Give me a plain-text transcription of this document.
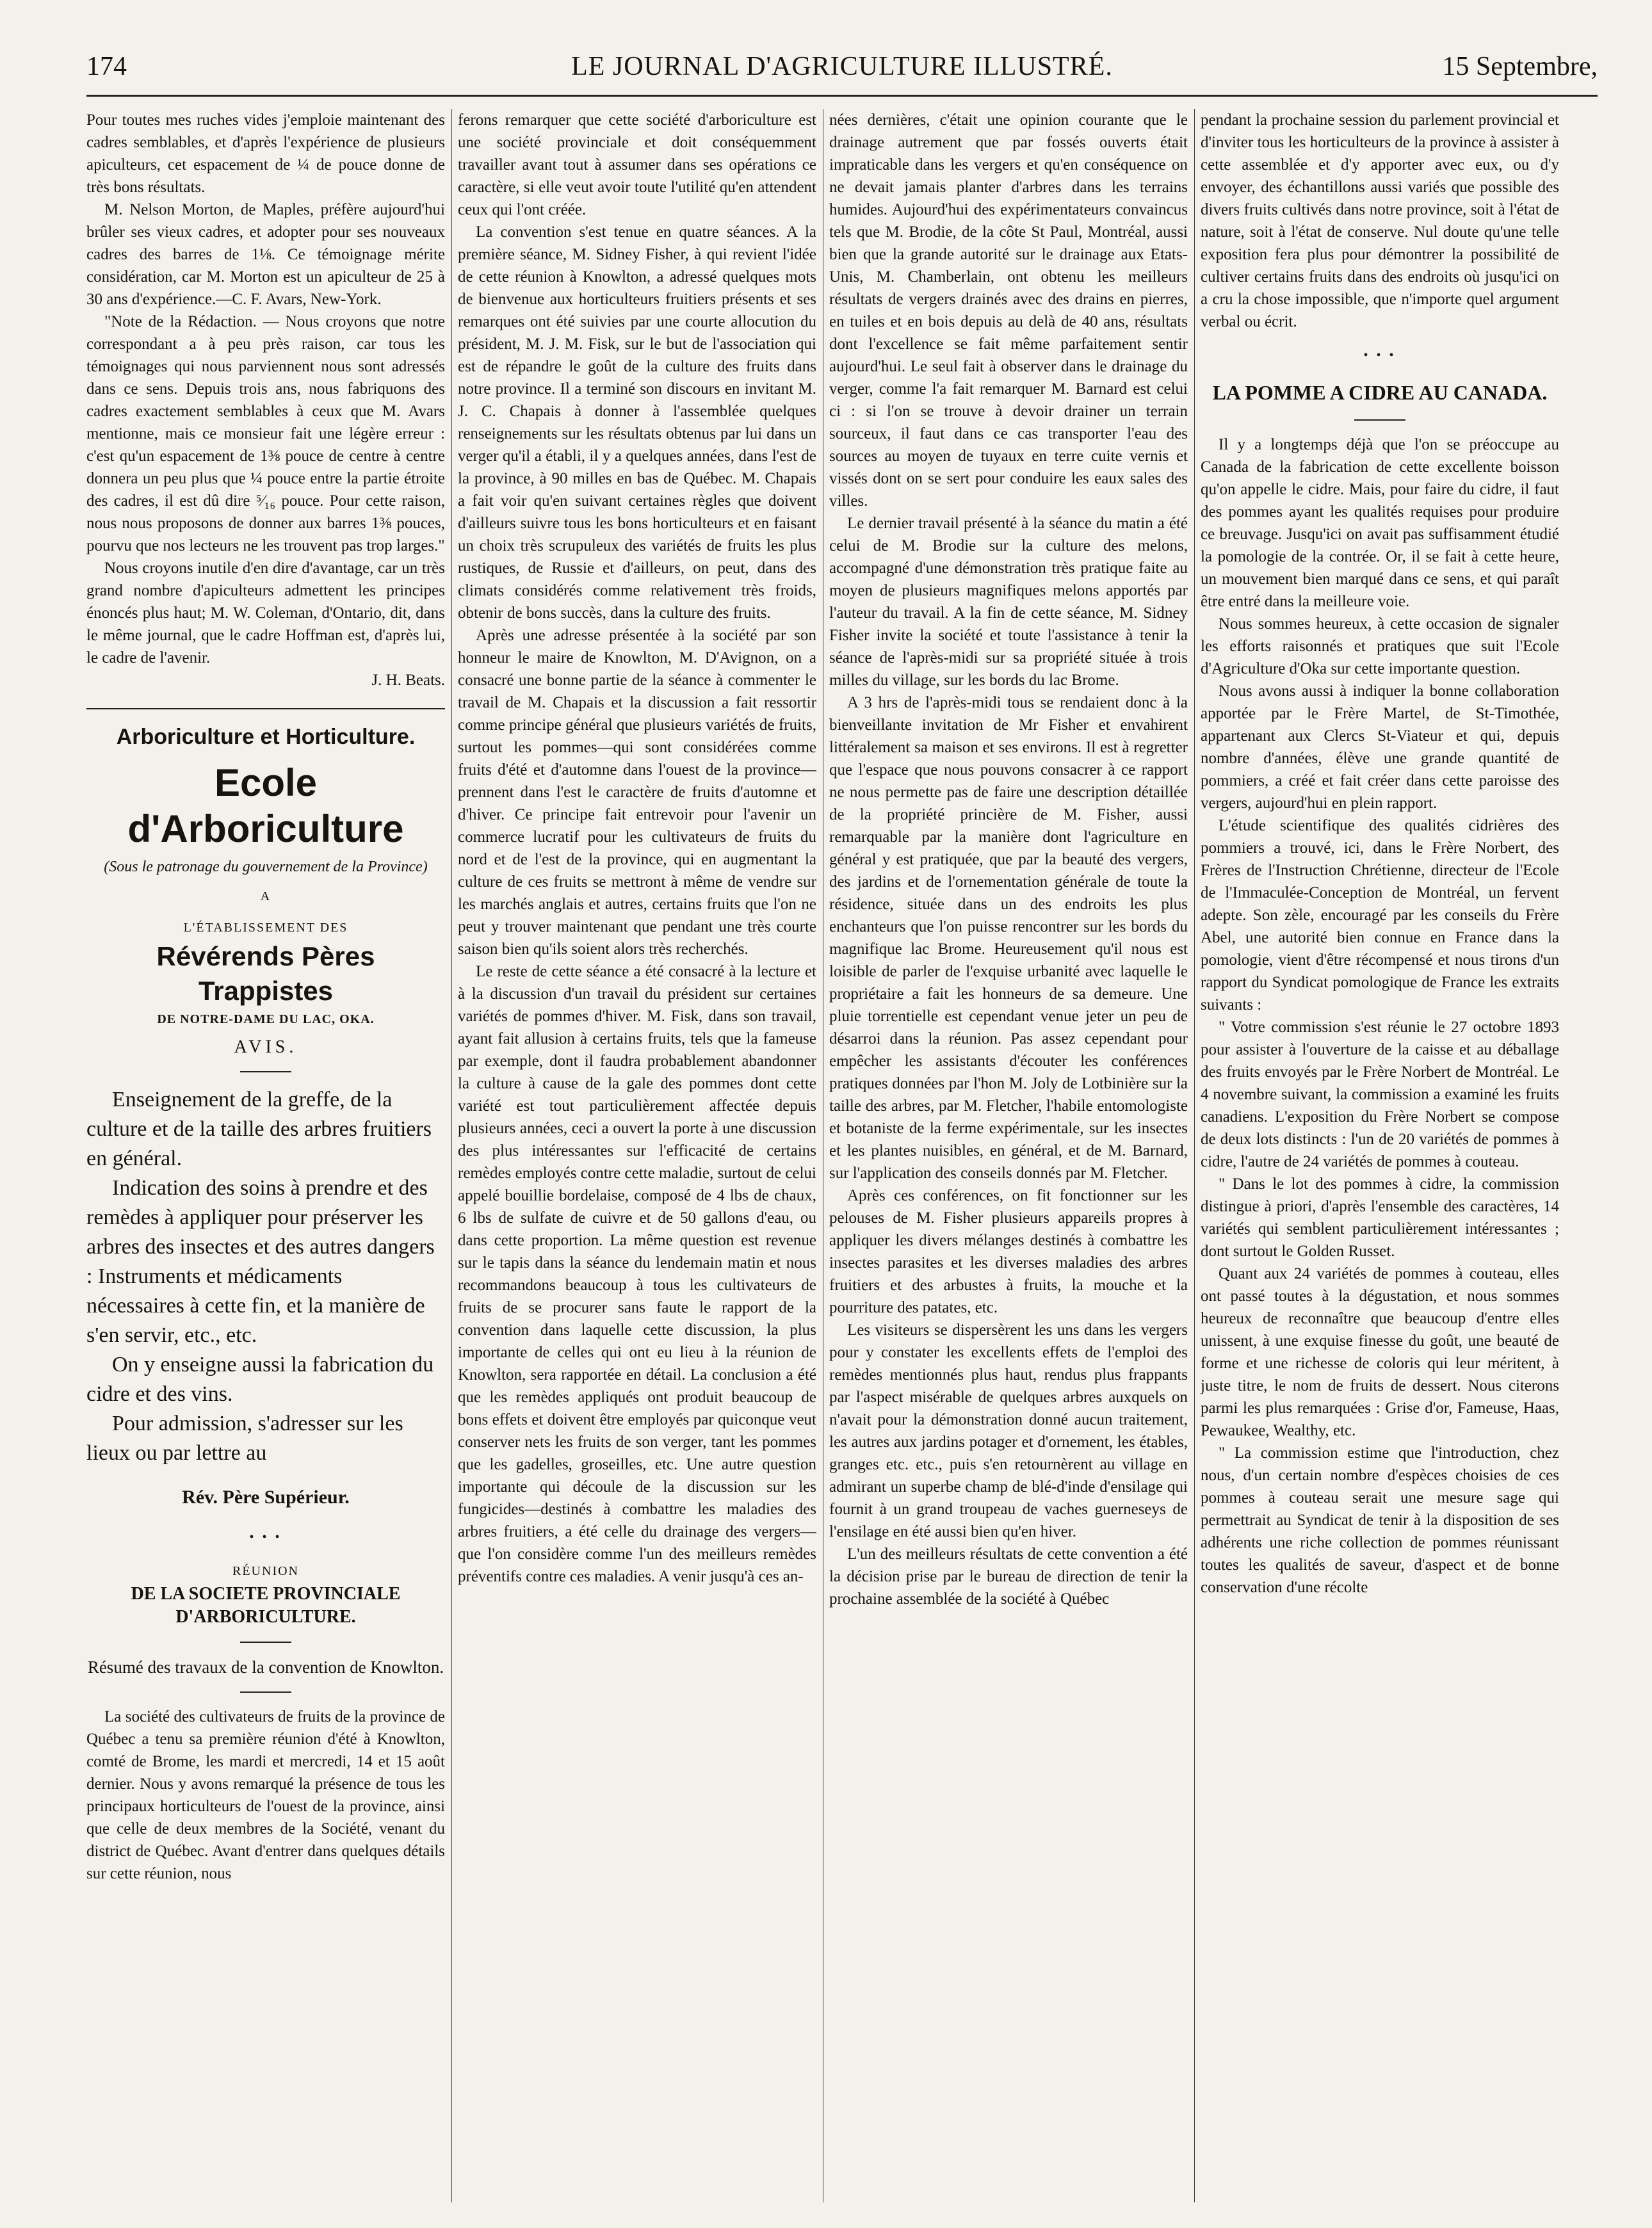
174	LE JOURNAL D'AGRICULTURE ILLUSTRÉ.	15 Septembre,

Pour toutes mes ruches vides j'emploie maintenant des cadres semblables, et d'après l'expérience de plusieurs apiculteurs, cet espacement de ¼ de pouce donne de très bons résultats.

M. Nelson Morton, de Maples, préfère aujourd'hui brûler ses vieux cadres, et adopter pour ses nouveaux cadres des barres de 1⅛. Ce témoignage mérite considération, car M. Morton est un apiculteur de 25 à 30 ans d'expérience.—C. F. Avars, New-York.

"Note de la Rédaction. — Nous croyons que notre correspondant a à peu près raison, car tous les témoignages qui nous parviennent nous sont adressés dans ce sens. Depuis trois ans, nous fabriquons des cadres exactement semblables à ceux que M. Avars mentionne, mais ce monsieur fait une légère erreur : c'est qu'un espacement de 1⅜ pouce de centre à centre donnera un peu plus que ¼ pouce entre la partie étroite des cadres, il est dû dire ⁵⁄₁₆ pouce. Pour cette raison, nous nous proposons de donner aux barres 1⅜ pouces, pourvu que nos lecteurs ne les trouvent pas trop larges."

Nous croyons inutile d'en dire d'avantage, car un très grand nombre d'apiculteurs admettent les principes énoncés plus haut; M. W. Coleman, d'Ontario, dit, dans le même journal, que le cadre Hoffman est, d'après lui, le cadre de l'avenir.

J. H. Beats.

Arboriculture et Horticulture.
Ecole d'Arboriculture
(Sous le patronage du gouvernement de la Province)
A
L'ÉTABLISSEMENT DES
Révérends Pères Trappistes
DE NOTRE-DAME DU LAC, OKA.
AVIS.

Enseignement de la greffe, de la culture et de la taille des arbres fruitiers en général.

Indication des soins à prendre et des remèdes à appliquer pour préserver les arbres des insectes et des autres dangers : Instruments et médicaments nécessaires à cette fin, et la manière de s'en servir, etc., etc.

On y enseigne aussi la fabrication du cidre et des vins.

Pour admission, s'adresser sur les lieux ou par lettre au

Rév. Père Supérieur.
• • •
RÉUNION
DE LA SOCIETE PROVINCIALE D'ARBORICULTURE.
Résumé des travaux de la convention de Knowlton.

La société des cultivateurs de fruits de la province de Québec a tenu sa première réunion d'été à Knowlton, comté de Brome, les mardi et mercredi, 14 et 15 août dernier. Nous y avons remarqué la présence de tous les principaux horticulteurs de l'ouest de la province, ainsi que celle de deux membres de la Société, venant du district de Québec. Avant d'entrer dans quelques détails sur cette réunion, nous

ferons remarquer que cette société d'arboriculture est une société provinciale et doit conséquemment travailler avant tout à assumer dans ses opérations ce caractère, si elle veut avoir toute l'utilité qu'en attendent ceux qui l'ont créée.

La convention s'est tenue en quatre séances. A la première séance, M. Sidney Fisher, à qui revient l'idée de cette réunion à Knowlton, a adressé quelques mots de bienvenue aux horticulteurs fruitiers présents et ses remarques ont été suivies par une courte allocution du président, M. J. M. Fisk, sur le but de l'association qui est de répandre le goût de la culture des fruits dans notre province. Il a terminé son discours en invitant M. J. C. Chapais à donner à l'assemblée quelques renseignements sur les résultats obtenus par lui dans un verger qu'il a établi, il y a quelques années, dans l'est de la province, à 90 milles en bas de Québec. M. Chapais a fait voir qu'en suivant certaines règles que doivent d'ailleurs suivre tous les bons horticulteurs et en faisant un choix très scrupuleux des variétés de fruits les plus rustiques, de Russie et d'ailleurs, on peut, dans des climats considérés comme relativement très froids, obtenir de bons succès, dans la culture des fruits.

Après une adresse présentée à la société par son honneur le maire de Knowlton, M. D'Avignon, on a consacré une bonne partie de la séance à commenter le travail de M. Chapais et la discussion a fait ressortir comme principe général que plusieurs variétés de fruits, surtout les pommes—qui sont considérées comme fruits d'été et d'automne dans l'ouest de la province—prennent dans l'est le caractère de fruits d'automne et d'hiver. Ce principe fait entrevoir pour l'avenir un commerce lucratif pour les cultivateurs de fruits du nord et de l'est de la province, qui en augmentant la culture de ces fruits se mettront à même de vendre sur les marchés anglais et autres, certains fruits que l'on ne peut y trouver maintenant que pendant une très courte saison bien qu'ils soient alors très recherchés.

Le reste de cette séance a été consacré à la lecture et à la discussion d'un travail du président sur certaines variétés de pommes d'hiver. M. Fisk, dans son travail, ayant fait allusion à certains fruits, tels que la fameuse par exemple, dont il faudra probablement abandonner la culture à cause de la gale des pommes dont cette variété est tout particulièrement affectée depuis plusieurs années, ceci a ouvert la porte à une discussion des plus intéressantes sur l'efficacité de certains remèdes employés contre cette maladie, surtout de celui appelé bouillie bordelaise, composé de 4 lbs de chaux, 6 lbs de sulfate de cuivre et de 50 gallons d'eau, ou dans cette proportion. La même question est revenue sur le tapis dans la séance du lendemain matin et nous recommandons beaucoup à tous les cultivateurs de fruits de se procurer sans faute le rapport de la convention dans laquelle cette discussion, la plus importante de celles qui ont eu lieu à la réunion de Knowlton, sera rapportée en détail. La conclusion a été que les remèdes appliqués ont produit beaucoup de bons effets et doivent être employés par quiconque veut conserver nets les fruits de son verger, tant les pommes que les gadelles, groseilles, etc. Une autre question importante qui découle de la discussion sur les fungicides—destinés à combattre les maladies des arbres fruitiers, a été celle du drainage des vergers—que l'on considère comme l'un des meilleurs remèdes préventifs contre ces maladies. A venir jusqu'à ces an-

nées dernières, c'était une opinion courante que le drainage autrement que par fossés ouverts était impraticable dans les vergers et qu'en conséquence on ne devait jamais planter d'arbres dans les terrains humides. Aujourd'hui des expérimentateurs convaincus tels que M. Brodie, de la côte St Paul, Montréal, aussi bien que la grande autorité sur le drainage aux Etats-Unis, M. Chamberlain, ont obtenu les meilleurs résultats de vergers drainés avec des drains en pierres, en tuiles et en bois depuis au delà de 40 ans, résultats dont l'excellence se fait même parfaitement sentir aujourd'hui. Le seul fait à observer dans le drainage du verger, comme l'a fait remarquer M. Barnard est celui ci : si l'on se trouve à devoir drainer un terrain sourceux, il faut dans ce cas transporter l'eau des sources au moyen de tuyaux en terre cuite vernis et vissés dont on se sert pour conduire les eaux sales des villes.

Le dernier travail présenté à la séance du matin a été celui de M. Brodie sur la culture des melons, accompagné d'une démonstration très pratique faite au moyen de plusieurs magnifiques melons apportés par l'auteur du travail. A la fin de cette séance, M. Sidney Fisher invite la société et toute l'assistance à tenir la séance de l'après-midi sur sa propriété située à trois milles du village, sur les bords du lac Brome.

A 3 hrs de l'après-midi tous se rendaient donc à la bienveillante invitation de Mr Fisher et envahirent littéralement sa maison et ses environs. Il est à regretter que l'espace que nous pouvons consacrer à ce rapport ne nous permette pas de faire une description détaillée de la propriété princière de M. Fisher, aussi remarquable par la manière dont l'agriculture en général y est pratiquée, que par la beauté des vergers, des jardins et de l'ornementation générale de toute la résidence, située dans un des endroits les plus enchanteurs que l'on puisse rencontrer sur les bords du magnifique lac Brome. Heureusement qu'il nous est loisible de parler de l'exquise urbanité avec laquelle le propriétaire a fait les honneurs de sa demeure. Une pluie torrentielle est cependant venue jeter un peu de désarroi dans la réunion. Pas assez cependant pour empêcher les assistants d'écouter les conférences pratiques données par l'hon M. Joly de Lotbinière sur la taille des arbres, par M. Fletcher, l'habile entomologiste et botaniste de la ferme expérimentale, sur les insectes et les plantes nuisibles, en général, et de M. Barnard, sur l'application des conseils donnés par M. Fletcher.

Après ces conférences, on fit fonctionner sur les pelouses de M. Fisher plusieurs appareils propres à appliquer les divers mélanges destinés à combattre les insectes parasites et les diverses maladies des arbres fruitiers et des arbustes à fruits, la mouche et la pourriture des patates, etc.

Les visiteurs se dispersèrent les uns dans les vergers pour y constater les excellents effets de l'emploi des remèdes mentionnés plus haut, rendus plus frappants par l'aspect misérable de quelques arbres auxquels on n'avait pour la démonstration donné aucun traitement, les autres aux jardins potager et d'ornement, les étables, granges etc. etc., puis s'en retournèrent au village en admirant un superbe champ de blé-d'inde d'ensilage qui fournit à un grand troupeau de vaches guerneseys de l'ensilage en été aussi bien qu'en hiver.

L'un des meilleurs résultats de cette convention a été la décision prise par le bureau de direction de tenir la prochaine assemblée de la société à Québec

pendant la prochaine session du parlement provincial et d'inviter tous les horticulteurs de la province à assister à cette assemblée et d'y apporter avec eux, ou d'y envoyer, des échantillons aussi variés que possible des divers fruits cultivés dans notre province, soit à l'état de nature, soit à l'état de conserve. Nul doute qu'une telle exposition fera plus pour démontrer la possibilité de cultiver certains fruits dans des endroits où jusqu'ici on a cru la chose impossible, que n'importe quel argument verbal ou écrit.

• • •
LA POMME A CIDRE AU CANADA.

Il y a longtemps déjà que l'on se préoccupe au Canada de la fabrication de cette excellente boisson qu'on appelle le cidre. Mais, pour faire du cidre, il faut des pommes ayant les qualités requises pour produire ce breuvage. Jusqu'ici on avait pas suffisamment étudié la pomologie de la contrée. Or, il se fait à cette heure, un mouvement bien marqué dans ce sens, et qui paraît être entré dans la meilleure voie.

Nous sommes heureux, à cette occasion de signaler les efforts raisonnés et pratiques que suit l'Ecole d'Agriculture d'Oka sur cette importante question.

Nous avons aussi à indiquer la bonne collaboration apportée par le Frère Martel, de St-Timothée, appartenant aux Clercs St-Viateur et qui, depuis nombre d'années, élève une grande quantité de pommiers, a créé et fait créer dans cette paroisse des vergers, aujourd'hui en plein rapport.

L'étude scientifique des qualités cidrières des pommiers a trouvé, ici, dans le Frère Norbert, des Frères de l'Instruction Chrétienne, directeur de l'Ecole de l'Immaculée-Conception de Montréal, un fervent adepte. Son zèle, encouragé par les conseils du Frère Abel, une autorité bien connue en France dans la pomologie, vient d'être récompensé et nous tirons d'un rapport du Syndicat pomologique de France les extraits suivants :

" Votre commission s'est réunie le 27 octobre 1893 pour assister à l'ouverture de la caisse et au déballage des fruits envoyés par le Frère Norbert de Montréal. Le 4 novembre suivant, la commission a examiné les fruits canadiens. L'exposition du Frère Norbert se compose de deux lots distincts : l'un de 20 variétés de pommes à cidre, l'autre de 24 variétés de pommes à couteau.

" Dans le lot des pommes à cidre, la commission distingue à priori, d'après l'ensemble des caractères, 14 variétés qui semblent particulièrement intéressantes ; dont surtout le Golden Russet.

Quant aux 24 variétés de pommes à couteau, elles ont passé toutes à la dégustation, et nous sommes heureux de reconnaître que beaucoup d'entre elles unissent, à une exquise finesse du goût, une beauté de forme et une richesse de coloris qui leur méritent, à juste titre, le nom de fruits de dessert. Nous citerons parmi les plus remarquées : Grise d'or, Fameuse, Haas, Pewaukee, Wealthy, etc.

" La commission estime que l'introduction, chez nous, d'un certain nombre d'espèces choisies de ces pommes à couteau serait une mesure sage qui permettrait au Syndicat de tenir à la disposition de ses adhérents une riche collection de pommes réunissant toutes les qualités de saveur, d'aspect et de bonne conservation d'une récolte
